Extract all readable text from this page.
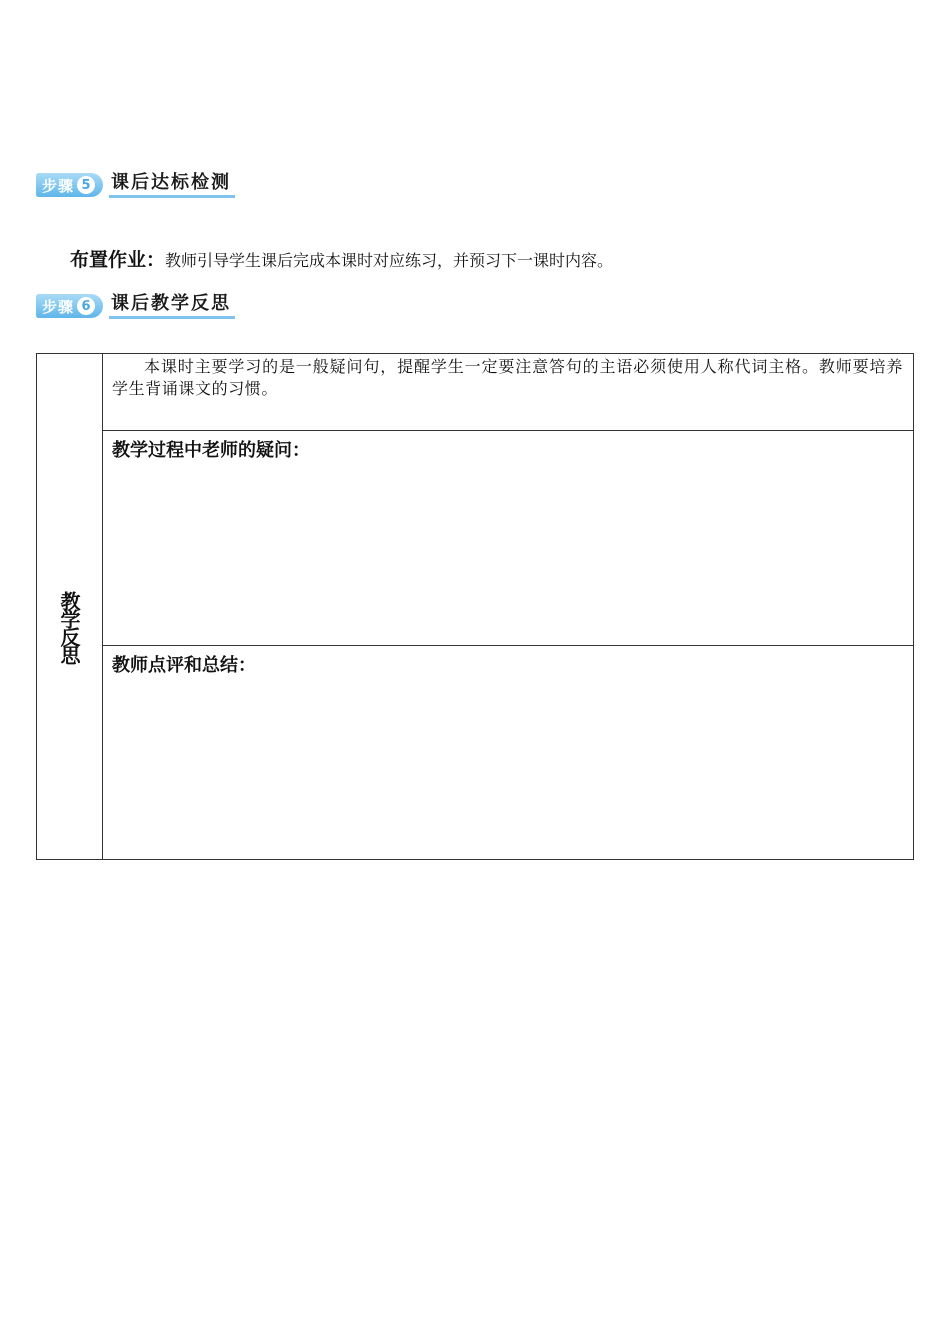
步骤 5 课后达标检测
布置作业： 教师引导学生课后完成本课时对应练习，并预习下一课时内容。
步骤 6 课后教学反思
教学反思

本课时主要学习的是一般疑问句，提醒学生一定要注意答句的主语必须使用人称代词主格。教师要培养学生背诵课文的习惯。

教学过程中老师的疑问：
教师点评和总结：
